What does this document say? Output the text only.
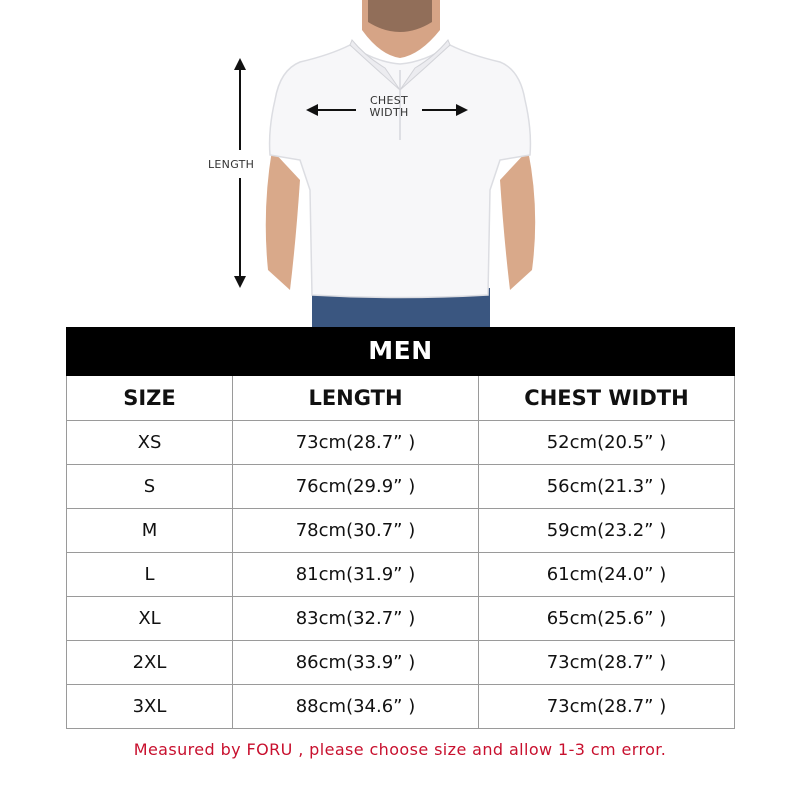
LENGTH
CHEST
WIDTH
MEN		
SIZE	LENGTH	CHEST WIDTH
XS	73cm(28.7” )	52cm(20.5” )
S	76cm(29.9” )	56cm(21.3” )
M	78cm(30.7” )	59cm(23.2” )
L	81cm(31.9” )	61cm(24.0” )
XL	83cm(32.7” )	65cm(25.6” )
2XL	86cm(33.9” )	73cm(28.7” )
3XL	88cm(34.6” )	73cm(28.7” )
Measured by FORU , please choose size and allow 1-3 cm error.
